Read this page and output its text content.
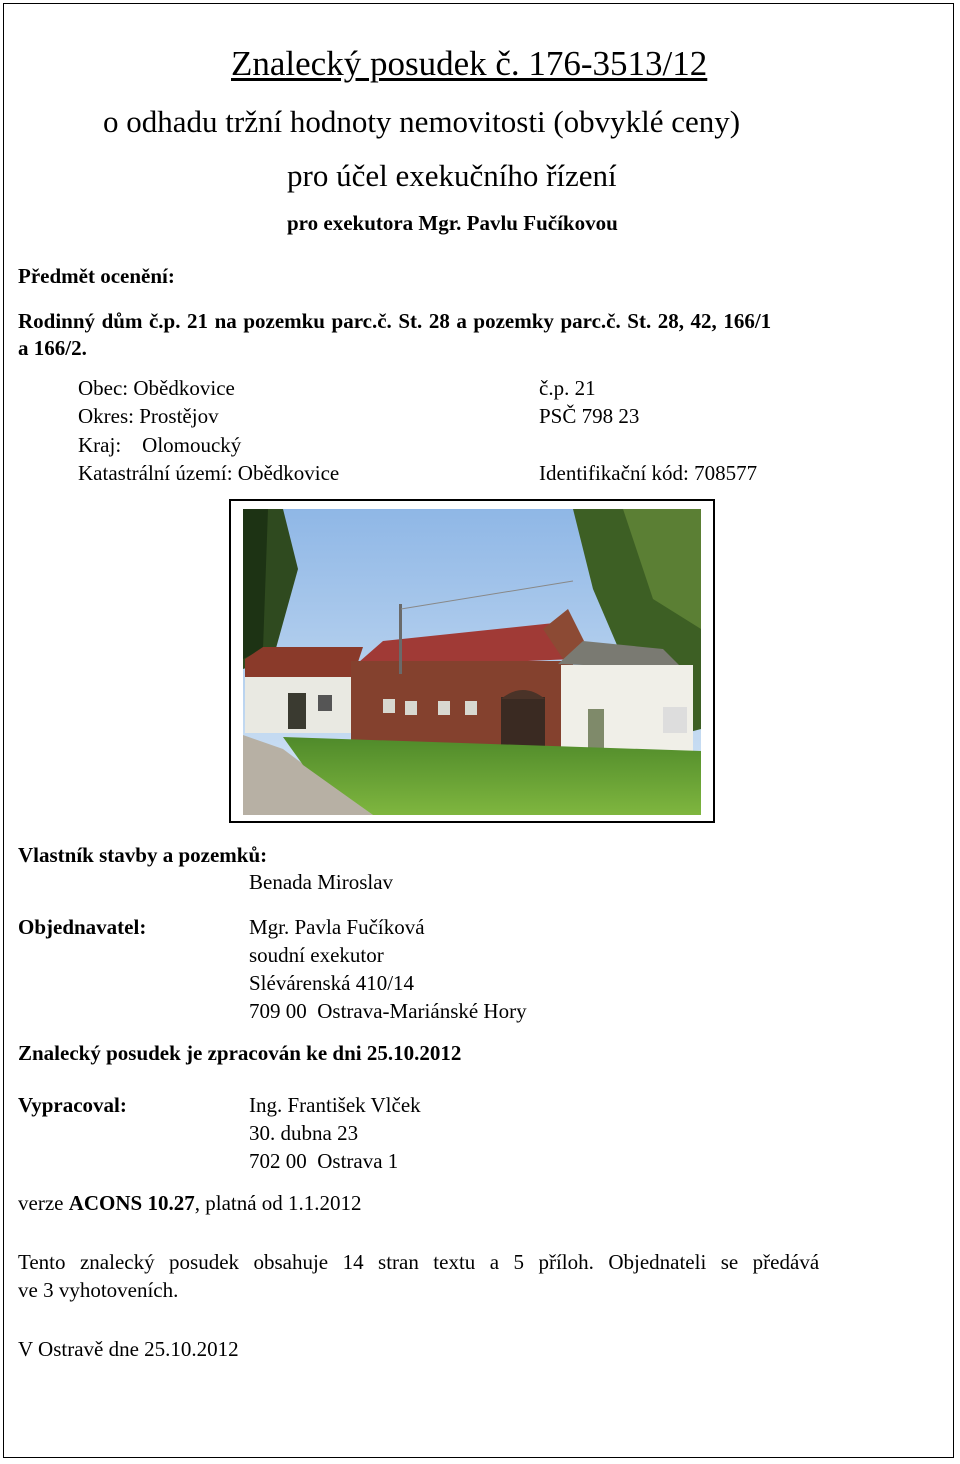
Znalecký posudek č. 176-3513/12
o odhadu tržní hodnoty nemovitosti (obvyklé ceny)
pro účel exekučního řízení
pro exekutora Mgr. Pavlu Fučíkovou
Předmět ocenění:
Rodinný dům č.p. 21 na pozemku parc.č. St. 28 a pozemky parc.č. St. 28, 42, 166/1
a 166/2.
Obec: Obědkovice	č.p. 21
Okres: Prostějov	PSČ 798 23
Kraj:    Olomoucký
Katastrální území: Obědkovice	Identifikační kód: 708577
Vlastník stavby a pozemků:
Benada Miroslav
Objednavatel:	Mgr. Pavla Fučíková
soudní exekutor
Slévárenská 410/14
709 00  Ostrava-Mariánské Hory
Znalecký posudek je zpracován ke dni 25.10.2012
Vypracoval:	Ing. František Vlček
30. dubna 23
702 00  Ostrava 1
verze ACONS 10.27, platná od 1.1.2012
Tento znalecký posudek obsahuje 14 stran textu a 5 příloh. Objednateli se předává
ve 3 vyhotoveních.
V Ostravě dne 25.10.2012
